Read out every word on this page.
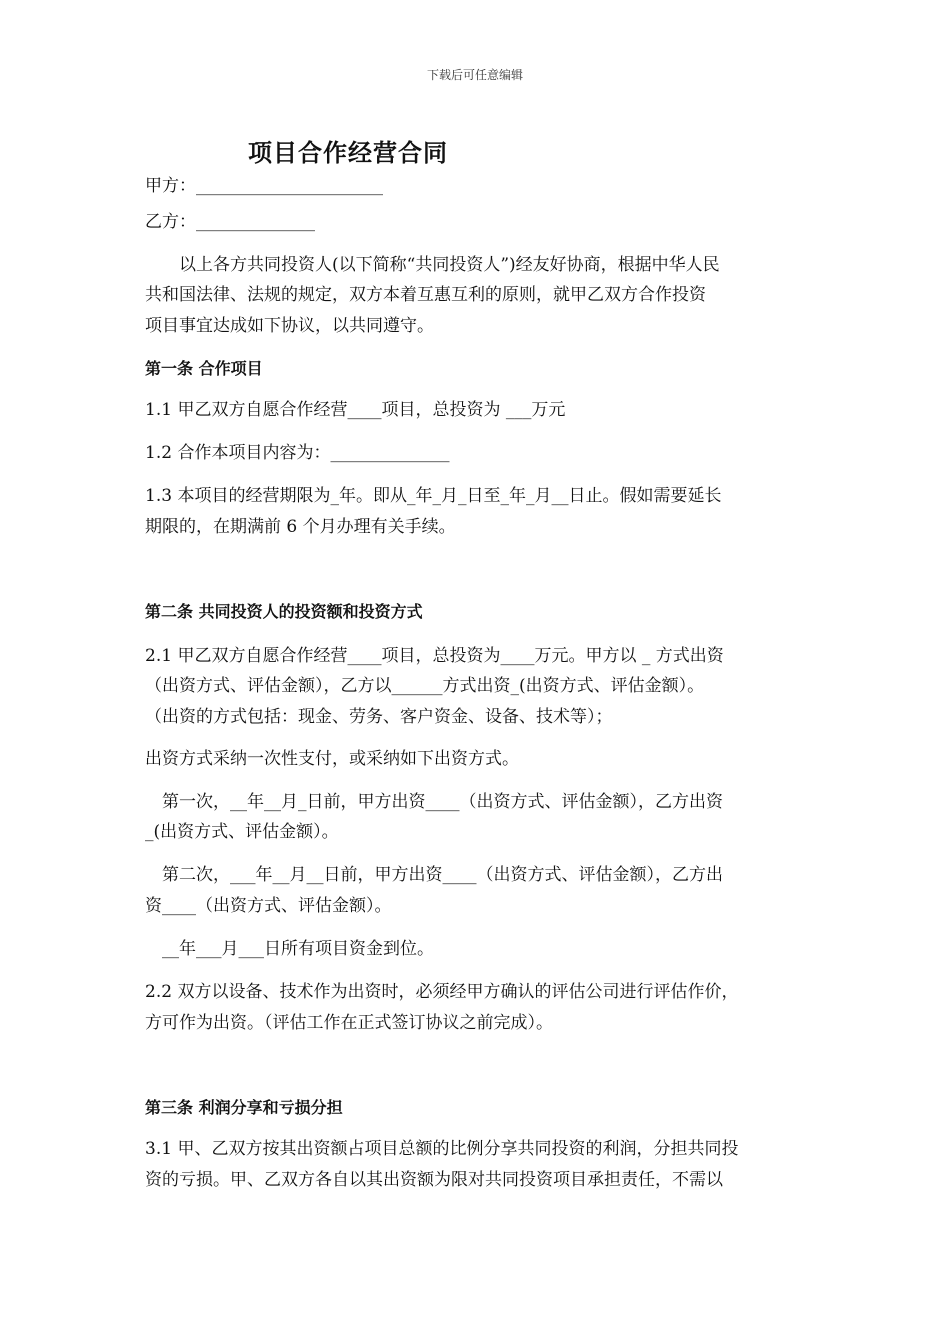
下载后可任意编辑
项目合作经营合同
甲方：______________________
乙方：______________
　　以上各方共同投资人(以下简称“共同投资人”)经友好协商，根据中华人民
共和国法律、法规的规定，双方本着互惠互利的原则，就甲乙双方合作投资
项目事宜达成如下协议，以共同遵守。
第一条 合作项目
1.1 甲乙双方自愿合作经营____项目，总投资为 ___万元
1.2 合作本项目内容为：______________
1.3 本项目的经营期限为_年。即从_年_月_日至_年_月__日止。假如需要延长
期限的，在期满前 6 个月办理有关手续。
第二条 共同投资人的投资额和投资方式
2.1 甲乙双方自愿合作经营____项目，总投资为____万元。甲方以 _ 方式出资
（出资方式、评估金额），乙方以______方式出资_(出资方式、评估金额）。
（出资的方式包括：现金、劳务、客户资金、设备、技术等）；
出资方式采纳一次性支付，或采纳如下出资方式。
　第一次，__年__月_日前，甲方出资____（出资方式、评估金额），乙方出资
_(出资方式、评估金额）。
　第二次，___年__月__日前，甲方出资____（出资方式、评估金额），乙方出
资____（出资方式、评估金额）。
　__年___月___日所有项目资金到位。
2.2 双方以设备、技术作为出资时，必须经甲方确认的评估公司进行评估作价，
方可作为出资。（评估工作在正式签订协议之前完成）。
第三条 利润分享和亏损分担
3.1 甲、乙双方按其出资额占项目总额的比例分享共同投资的利润，分担共同投
资的亏损。甲、乙双方各自以其出资额为限对共同投资项目承担责任，不需以
